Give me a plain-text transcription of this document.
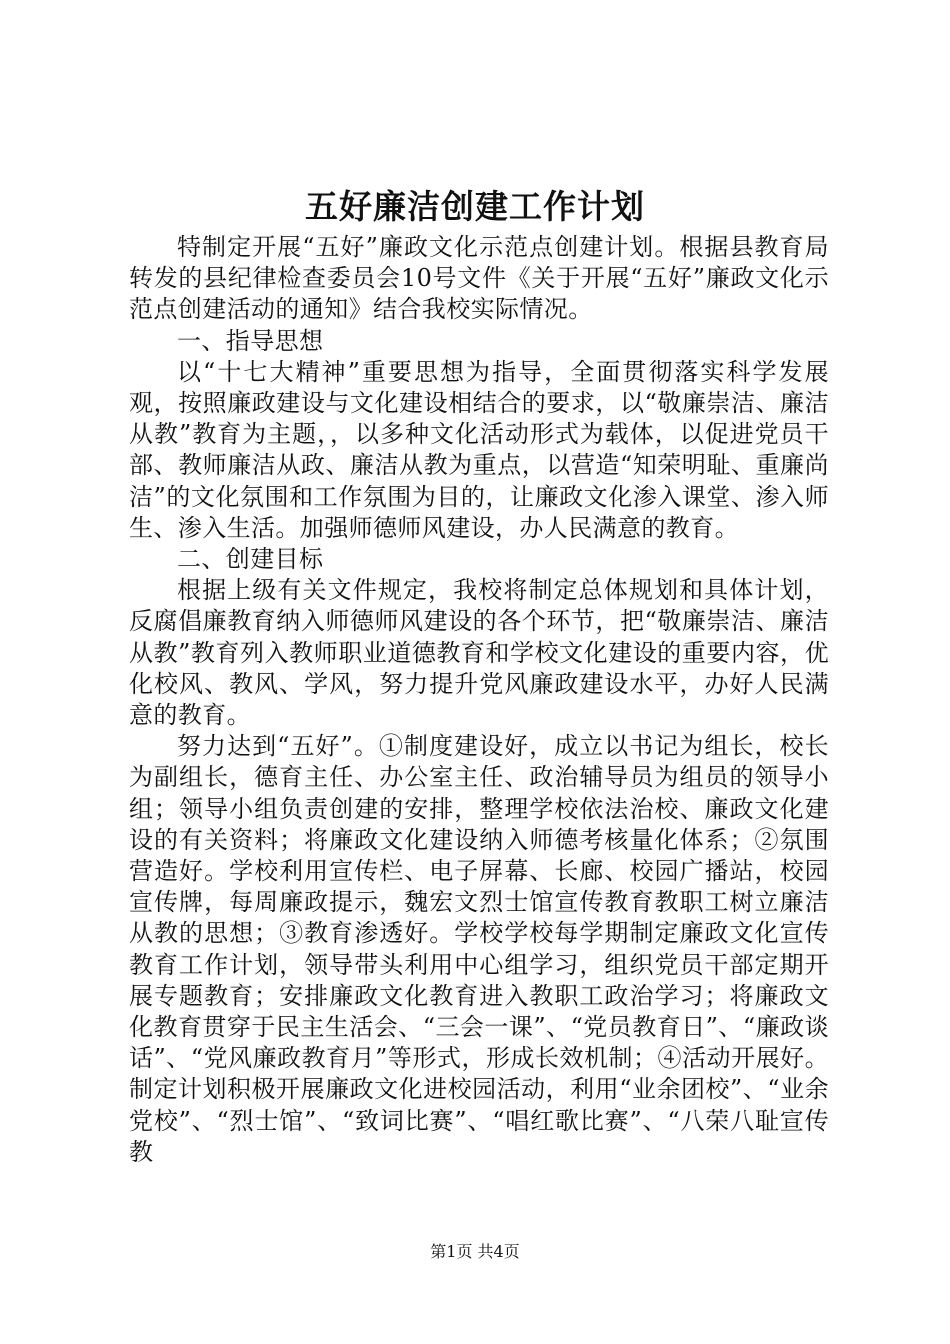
五好廉洁创建工作计划

特制定开展“五好”廉政文化示范点创建计划。根据县教育局转发的县纪律检查委员会10号文件《关于开展“五好”廉政文化示范点创建活动的通知》结合我校实际情况。

一、指导思想

以“十七大精神”重要思想为指导，全面贯彻落实科学发展观，按照廉政建设与文化建设相结合的要求，以“敬廉崇洁、廉洁从教”教育为主题，，以多种文化活动形式为载体，以促进党员干部、教师廉洁从政、廉洁从教为重点，以营造“知荣明耻、重廉尚洁”的文化氛围和工作氛围为目的，让廉政文化渗入课堂、渗入师生、渗入生活。加强师德师风建设，办人民满意的教育。

二、创建目标

根据上级有关文件规定，我校将制定总体规划和具体计划，反腐倡廉教育纳入师德师风建设的各个环节，把“敬廉崇洁、廉洁从教”教育列入教师职业道德教育和学校文化建设的重要内容，优化校风、教风、学风，努力提升党风廉政建设水平，办好人民满意的教育。

努力达到“五好”。①制度建设好，成立以书记为组长，校长为副组长，德育主任、办公室主任、政治辅导员为组员的领导小组；领导小组负责创建的安排，整理学校依法治校、廉政文化建设的有关资料；将廉政文化建设纳入师德考核量化体系；②氛围营造好。学校利用宣传栏、电子屏幕、长廊、校园广播站，校园宣传牌，每周廉政提示，魏宏文烈士馆宣传教育教职工树立廉洁从教的思想；③教育渗透好。学校学校每学期制定廉政文化宣传教育工作计划，领导带头利用中心组学习，组织党员干部定期开展专题教育；安排廉政文化教育进入教职工政治学习；将廉政文化教育贯穿于民主生活会、“三会一课”、“党员教育日”、“廉政谈话”、“党风廉政教育月”等形式，形成长效机制；④活动开展好。制定计划积极开展廉政文化进校园活动，利用“业余团校”、“业余党校”、“烈士馆”、“致词比赛”、“唱红歌比赛”、“八荣八耻宣传教

第1页 共4页
